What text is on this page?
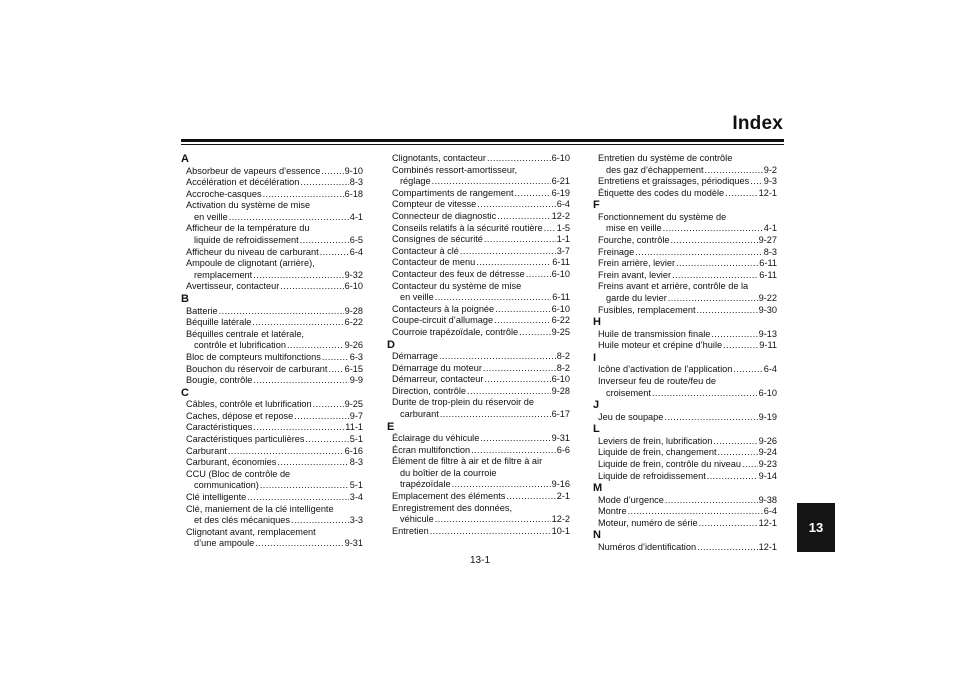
Index
A
Absorbeur de vapeurs d’essence .....	9-10
Accélération et décélération .....	8-3
Accroche-casques .....	6-18
Activation du système de mise
en veille .....	4-1
Afficheur de la température du
liquide de refroidissement .....	6-5
Afficheur du niveau de carburant .....	6-4
Ampoule de clignotant (arrière),
remplacement .....	9-32
Avertisseur, contacteur .....	6-10
B
Batterie .....	9-28
Béquille latérale .....	6-22
Béquilles centrale et latérale,
contrôle et lubrification .....	9-26
Bloc de compteurs multifonctions .....	6-3
Bouchon du réservoir de carburant ..... 6-15
Bougie, contrôle .....	9-9
C
Câbles, contrôle et lubrification .....	9-25
Caches, dépose et repose .....	9-7
Caractéristiques .....	11-1
Caractéristiques particulières .....	5-1
Carburant .....	6-16
Carburant, économies .....	8-3
CCU (Bloc de contrôle de
communication) .....	5-1
Clé intelligente .....	3-4
Clé, maniement de la clé intelligente
et des clés mécaniques .....	3-3
Clignotant avant, remplacement
d’une ampoule .....	9-31
Clignotants, contacteur .....	6-10
Combinés ressort-amortisseur,
réglage .....	6-21
Compartiments de rangement .....	6-19
Compteur de vitesse .....	6-4
Connecteur de diagnostic .....	12-2
Conseils relatifs à la sécurité routière ..... 1-5
Consignes de sécurité .....	1-1
Contacteur à clé .....	3-7
Contacteur de menu .....	6-11
Contacteur des feux de détresse .....	6-10
Contacteur du système de mise
en veille .....	6-11
Contacteurs à la poignée .....	6-10
Coupe-circuit d’allumage .....	6-22
Courroie trapézoïdale, contrôle .....	9-25
D
Démarrage .....	8-2
Démarrage du moteur .....	8-2
Démarreur, contacteur .....	6-10
Direction, contrôle .....	9-28
Durite de trop-plein du réservoir de
carburant .....	6-17
E
Éclairage du véhicule .....	9-31
Écran multifonction .....	6-6
Élément de filtre à air et de filtre à air
du boîtier de la courroie
trapézoïdale .....	9-16
Emplacement des éléments .....	2-1
Enregistrement des données,
véhicule .....	12-2
Entretien .....	10-1
Entretien du système de contrôle
des gaz d’échappement .....	9-2
Entretiens et graissages, périodiques ..... 9-3
Étiquette des codes du modèle .....	12-1
F
Fonctionnement du système de
mise en veille .....	4-1
Fourche, contrôle .....	9-27
Freinage .....	8-3
Frein arrière, levier .....	6-11
Frein avant, levier .....	6-11
Freins avant et arrière, contrôle de la
garde du levier .....	9-22
Fusibles, remplacement .....	9-30
H
Huile de transmission finale .....	9-13
Huile moteur et crépine d’huile .....	9-11
I
Icône d’activation de l’application .....	6-4
Inverseur feu de route/feu de
croisement .....	6-10
J
Jeu de soupape .....	9-19
L
Leviers de frein, lubrification .....	9-26
Liquide de frein, changement .....	9-24
Liquide de frein, contrôle du niveau ..... 9-23
Liquide de refroidissement .....	9-14
M
Mode d’urgence .....	9-38
Montre .....	6-4
Moteur, numéro de série .....	12-1
N
Numéros d’identification .....	12-1
13
13-1
